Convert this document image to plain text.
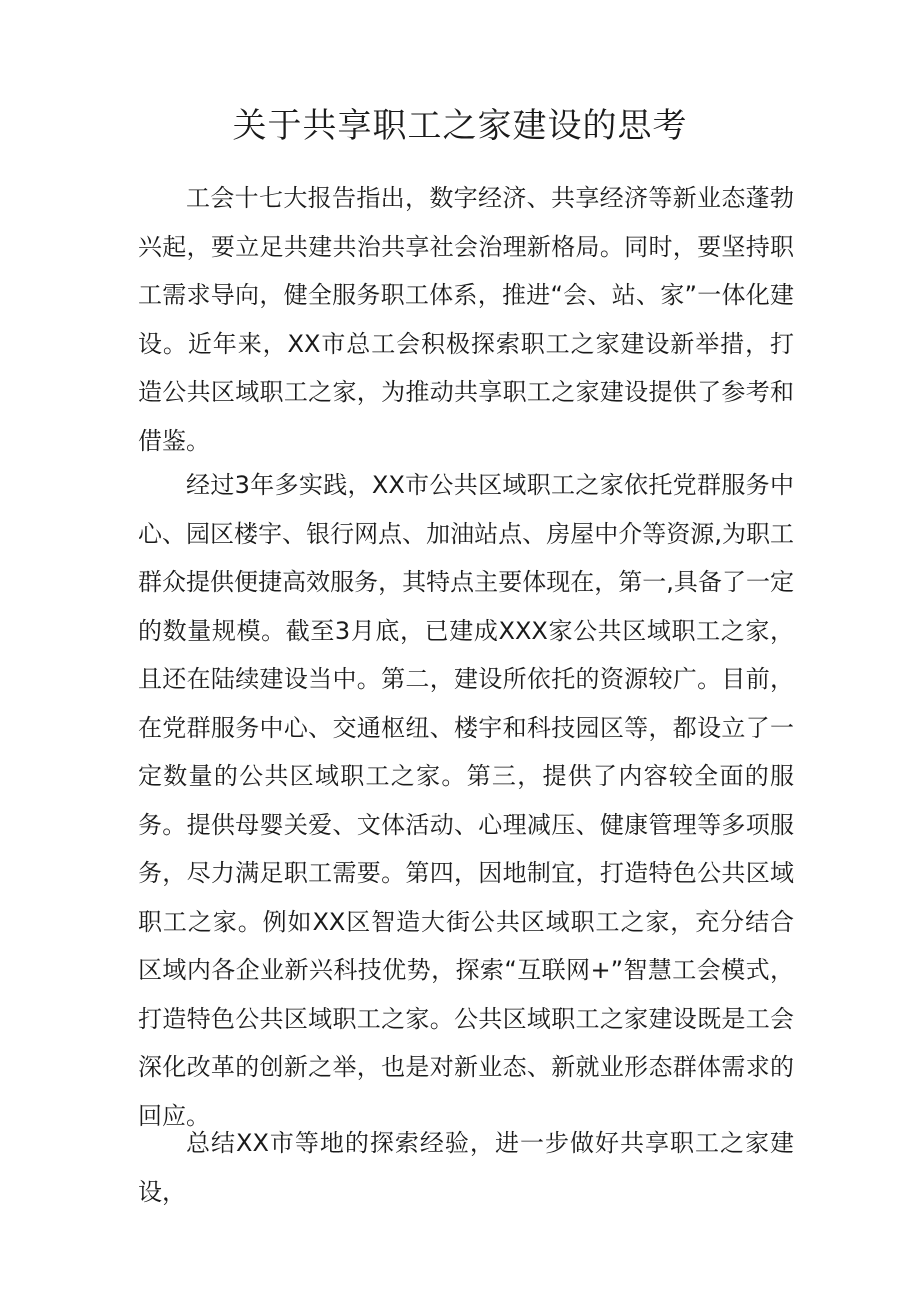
关于共享职工之家建设的思考

工会十七大报告指出，数字经济、共享经济等新业态蓬勃兴起，要立足共建共治共享社会治理新格局。同时，要坚持职工需求导向，健全服务职工体系，推进“会、站、家”一体化建设。近年来，XX市总工会积极探索职工之家建设新举措，打造公共区域职工之家，为推动共享职工之家建设提供了参考和借鉴。

经过3年多实践，XX市公共区域职工之家依托党群服务中心、园区楼宇、银行网点、加油站点、房屋中介等资源,为职工群众提供便捷高效服务，其特点主要体现在，第一,具备了一定的数量规模。截至3月底，已建成XXX家公共区域职工之家，且还在陆续建设当中。第二，建设所依托的资源较广。目前，在党群服务中心、交通枢纽、楼宇和科技园区等，都设立了一定数量的公共区域职工之家。第三，提供了内容较全面的服务。提供母婴关爱、文体活动、心理减压、健康管理等多项服务，尽力满足职工需要。第四，因地制宜，打造特色公共区域职工之家。例如XX区智造大街公共区域职工之家，充分结合区域内各企业新兴科技优势，探索“互联网+”智慧工会模式，打造特色公共区域职工之家。公共区域职工之家建设既是工会深化改革的创新之举，也是对新业态、新就业形态群体需求的回应。

总结XX市等地的探索经验，进一步做好共享职工之家建设，
